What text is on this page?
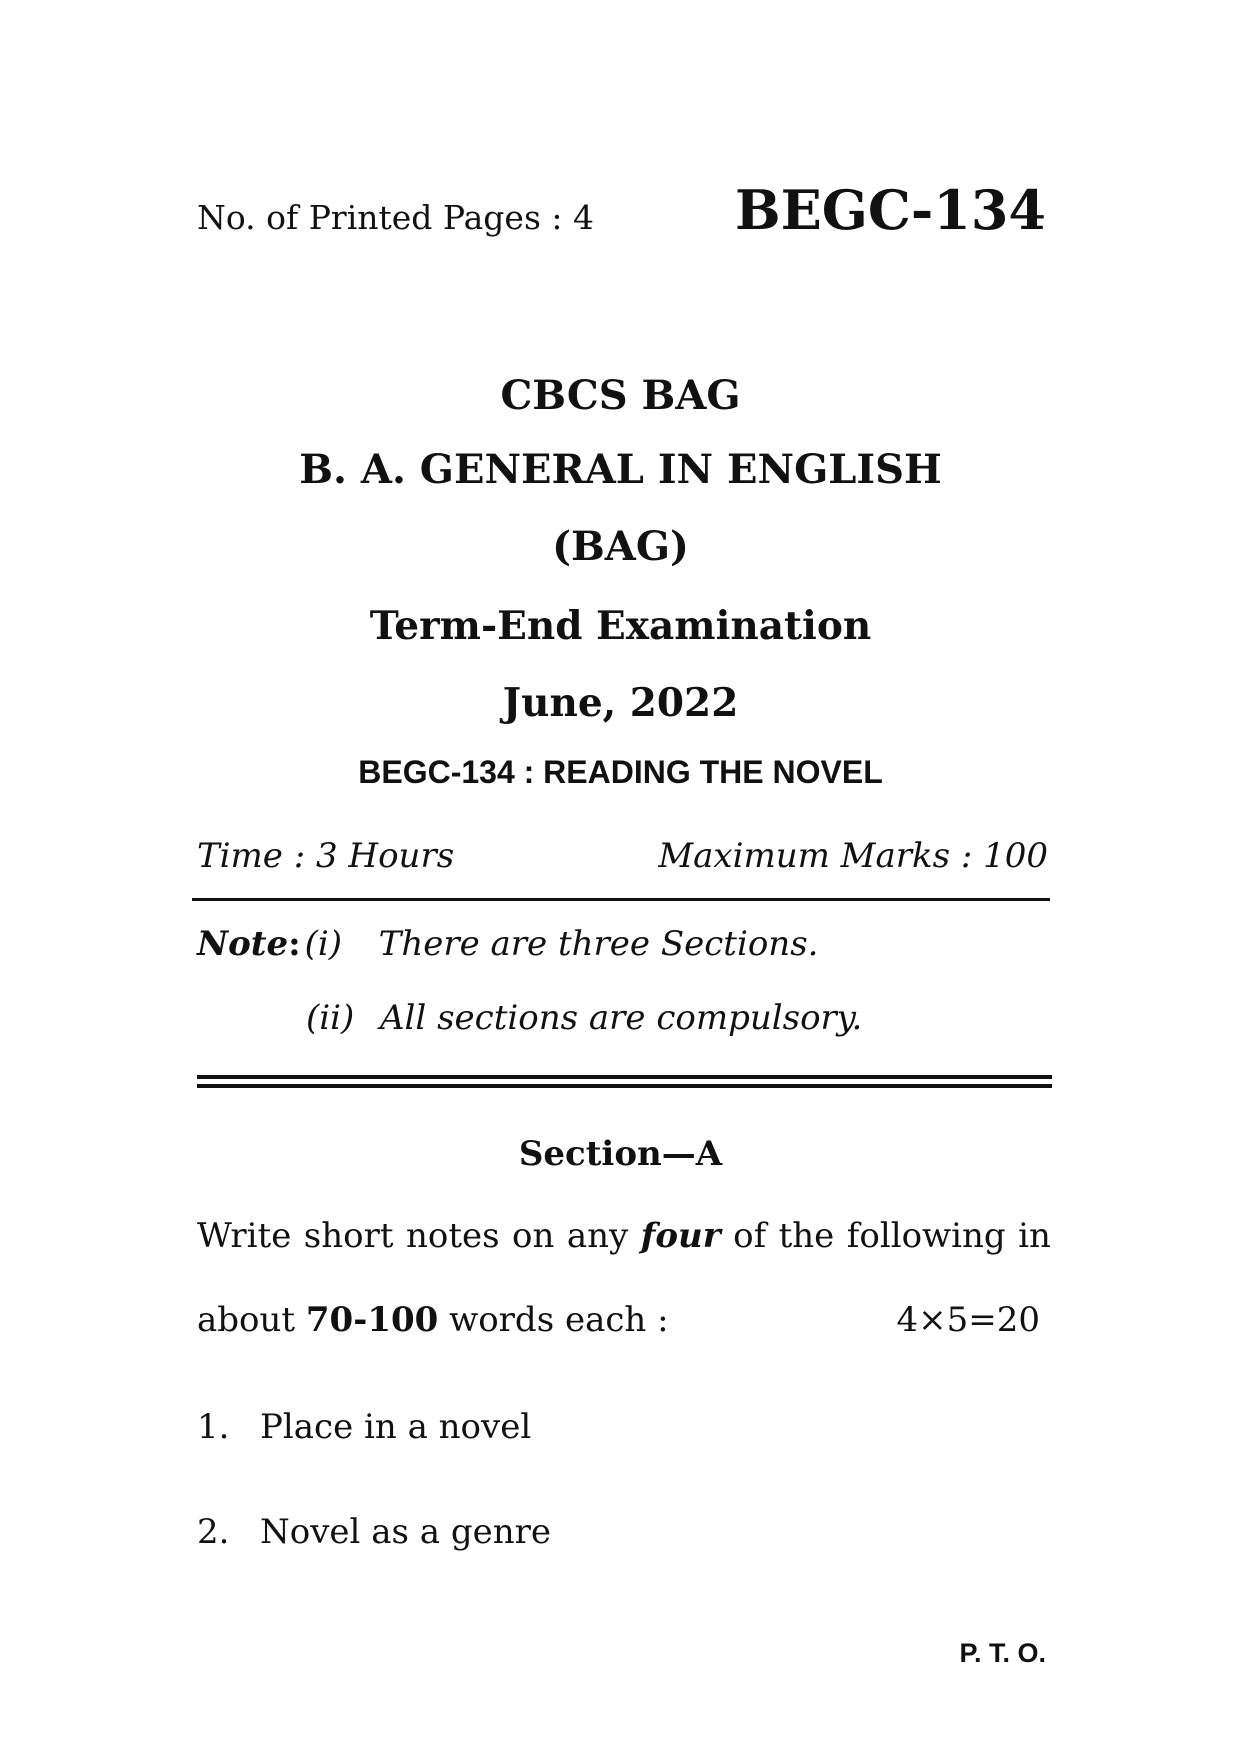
No. of Printed Pages : 4	BEGC-134

CBCS BAG

B. A. GENERAL IN ENGLISH

(BAG)

Term-End Examination

June, 2022

BEGC-134 : READING THE NOVEL

Time : 3 Hours	Maximum Marks : 100

Note: (i) There are three Sections.

(ii) All sections are compulsory.

Section—A

Write short notes on any four of the following in

about 70-100 words each :	4×5=20

1. Place in a novel

2. Novel as a genre

P. T. O.
